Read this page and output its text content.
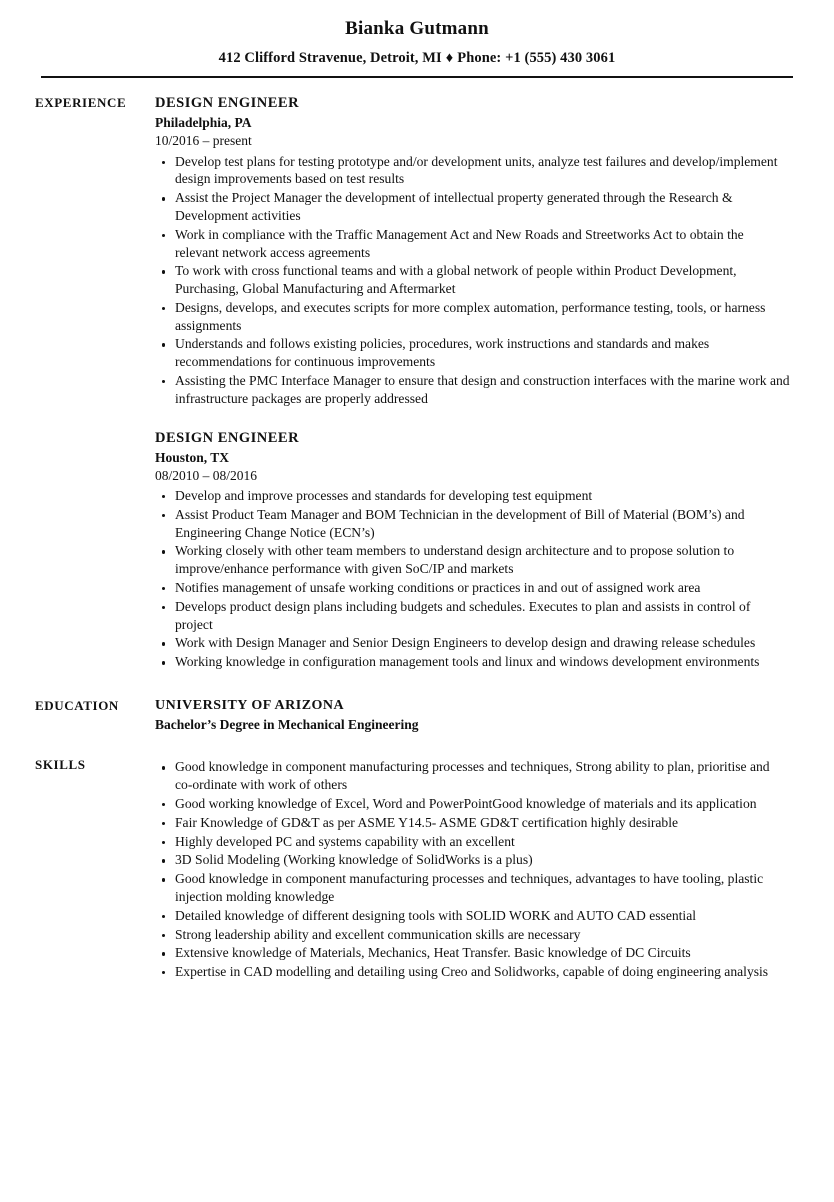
Bianka Gutmann
412 Clifford Stravenue, Detroit, MI ♦ Phone: +1 (555) 430 3061
EXPERIENCE	DESIGN ENGINEER
Philadelphia, PA
10/2016 – present
Develop test plans for testing prototype and/or development units, analyze test failures and develop/implement design improvements based on test results
Assist the Project Manager the development of intellectual property generated through the Research & Development activities
Work in compliance with the Traffic Management Act and New Roads and Streetworks Act to obtain the relevant network access agreements
To work with cross functional teams and with a global network of people within Product Development, Purchasing, Global Manufacturing and Aftermarket
Designs, develops, and executes scripts for more complex automation, performance testing, tools, or harness assignments
Understands and follows existing policies, procedures, work instructions and standards and makes recommendations for continuous improvements
Assisting the PMC Interface Manager to ensure that design and construction interfaces with the marine work and infrastructure packages are properly addressed
DESIGN ENGINEER
Houston, TX
08/2010 – 08/2016
Develop and improve processes and standards for developing test equipment
Assist Product Team Manager and BOM Technician in the development of Bill of Material (BOM’s) and Engineering Change Notice (ECN’s)
Working closely with other team members to understand design architecture and to propose solution to improve/enhance performance with given SoC/IP and markets
Notifies management of unsafe working conditions or practices in and out of assigned work area
Develops product design plans including budgets and schedules. Executes to plan and assists in control of project
Work with Design Manager and Senior Design Engineers to develop design and drawing release schedules
Working knowledge in configuration management tools and linux and windows development environments
EDUCATION	UNIVERSITY OF ARIZONA
Bachelor’s Degree in Mechanical Engineering
SKILLS	Good knowledge in component manufacturing processes and techniques, Strong ability to plan, prioritise and co-ordinate with work of others
Good working knowledge of Excel, Word and PowerPointGood knowledge of materials and its application
Fair Knowledge of GD&T as per ASME Y14.5- ASME GD&T certification highly desirable
Highly developed PC and systems capability with an excellent
3D Solid Modeling (Working knowledge of SolidWorks is a plus)
Good knowledge in component manufacturing processes and techniques, advantages to have tooling, plastic injection molding knowledge
Detailed knowledge of different designing tools with SOLID WORK and AUTO CAD essential
Strong leadership ability and excellent communication skills are necessary
Extensive knowledge of Materials, Mechanics, Heat Transfer. Basic knowledge of DC Circuits
Expertise in CAD modelling and detailing using Creo and Solidworks, capable of doing engineering analysis
